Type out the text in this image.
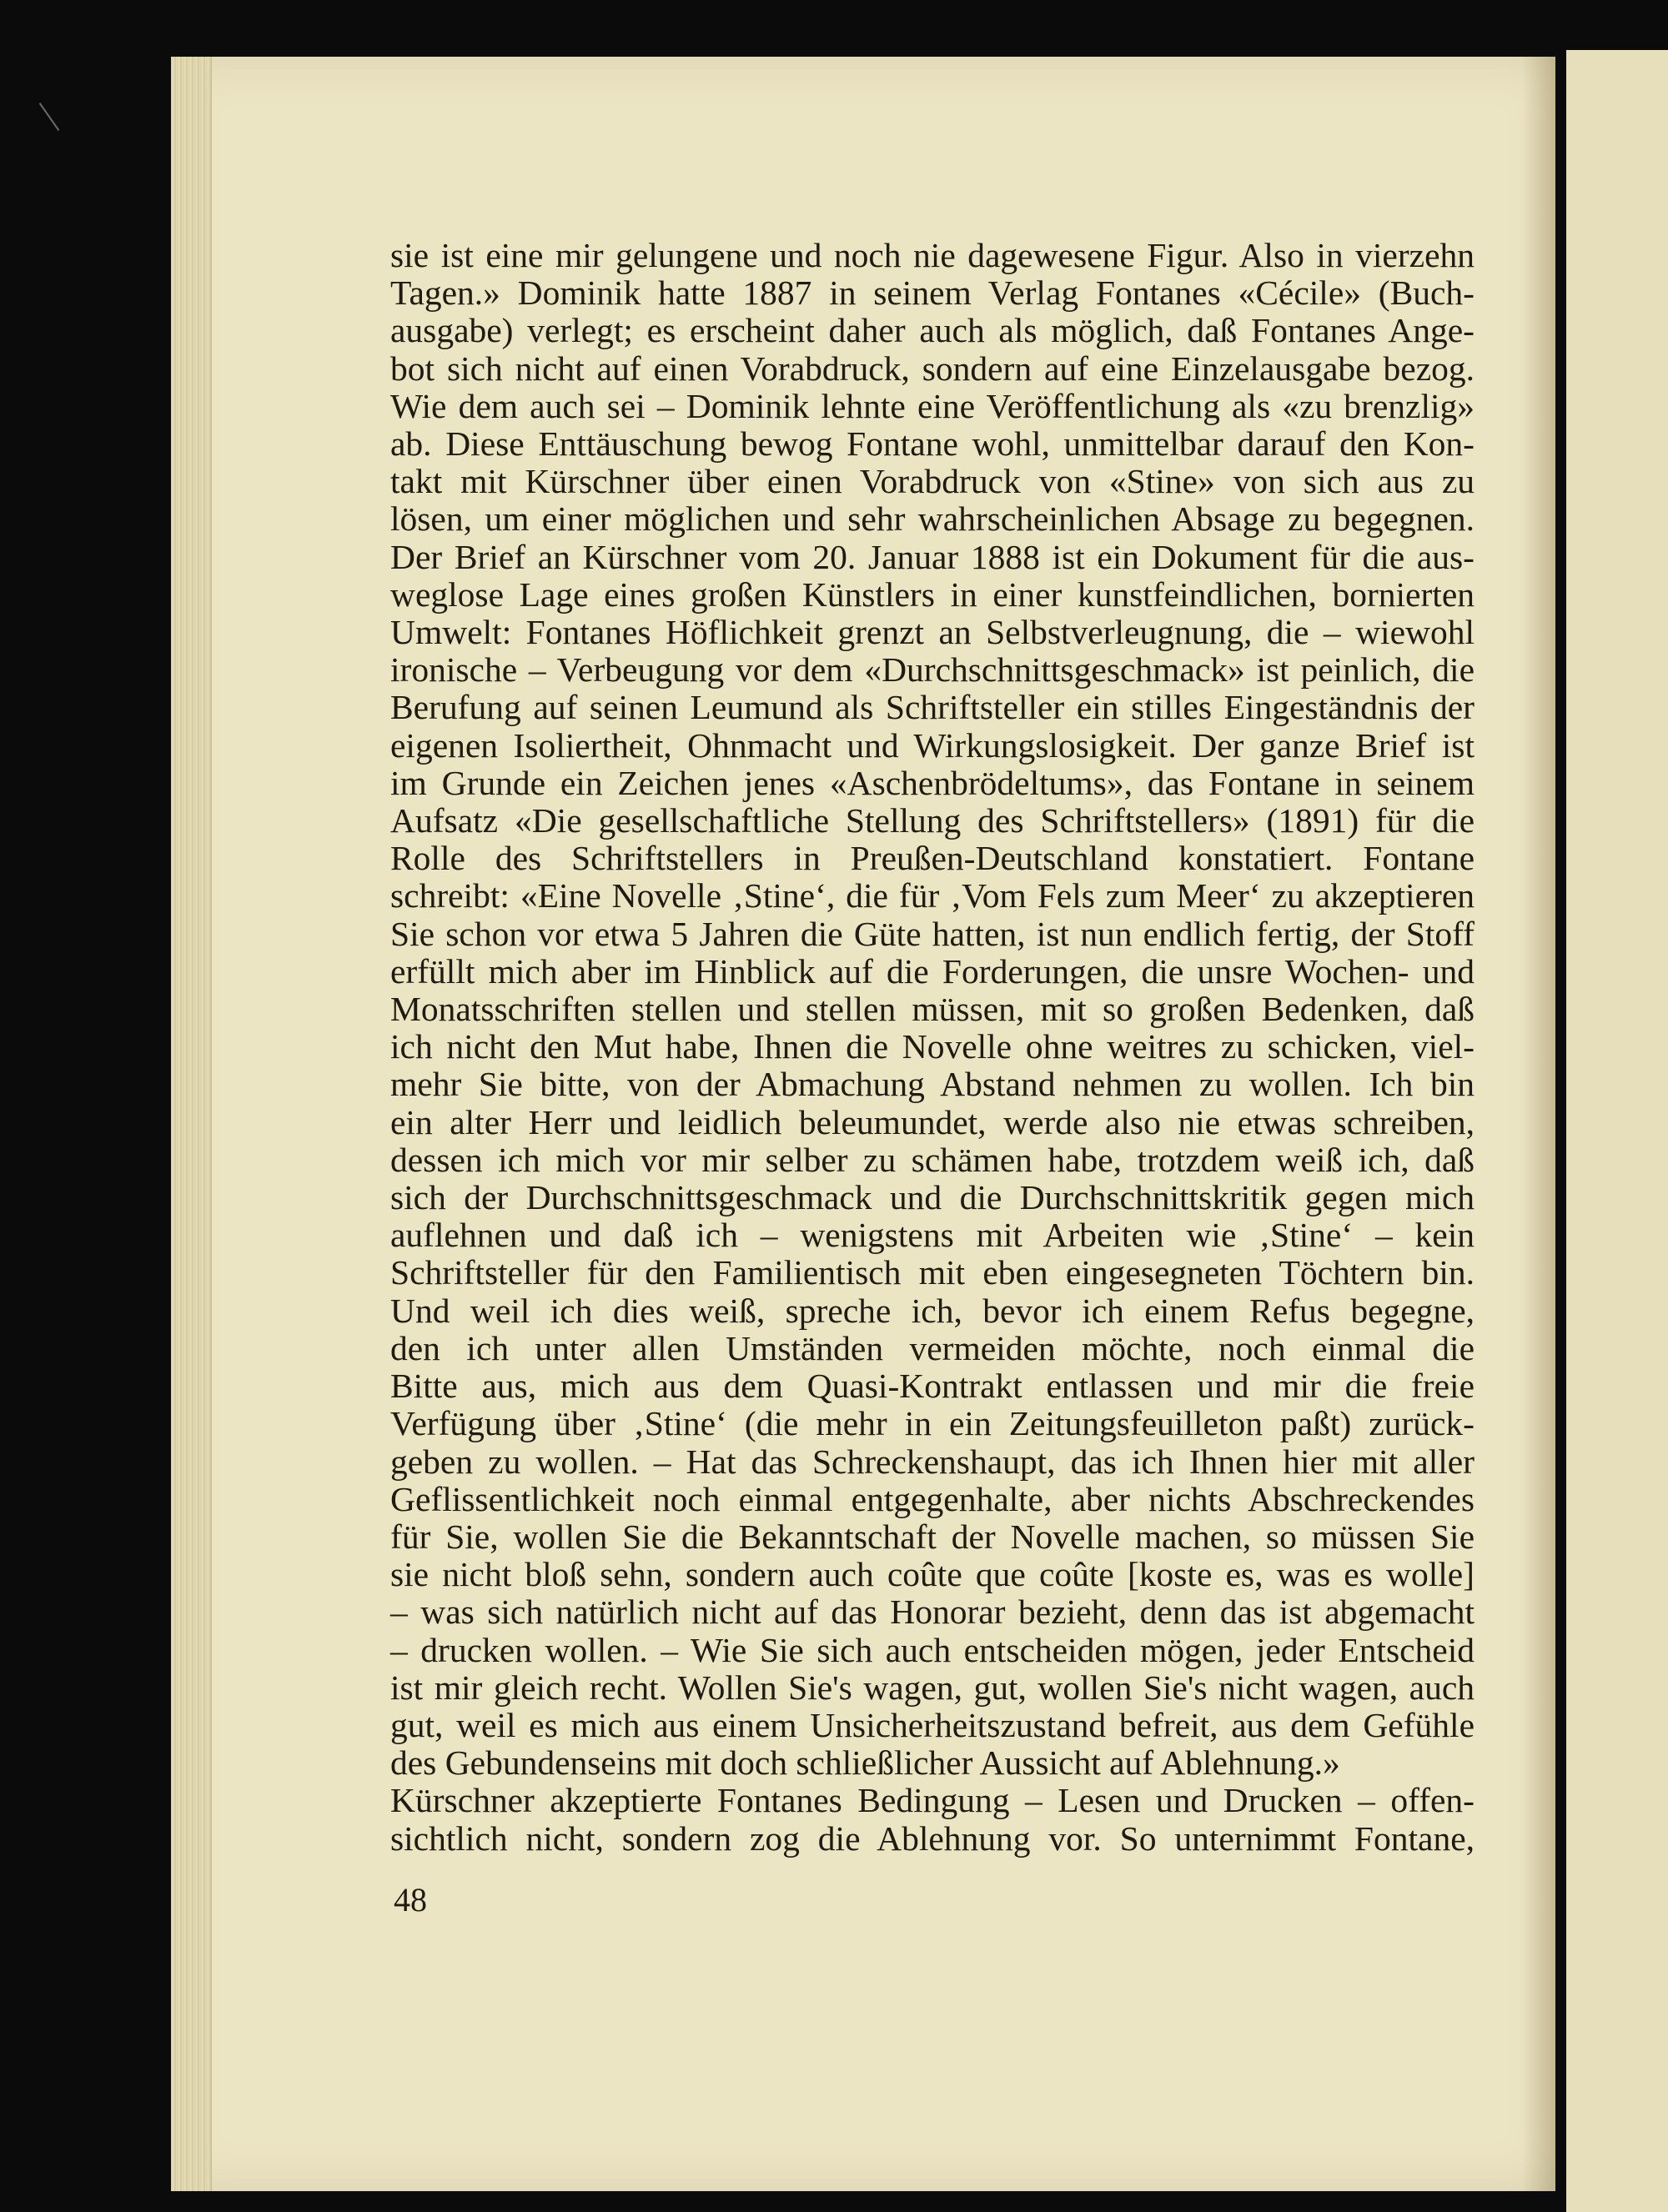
sie ist eine mir gelungene und noch nie dagewesene Figur. Also in vierzehn
Tagen.» Dominik hatte 1887 in seinem Verlag Fontanes «Cécile» (Buch-
ausgabe) verlegt; es erscheint daher auch als möglich, daß Fontanes Ange-
bot sich nicht auf einen Vorabdruck, sondern auf eine Einzelausgabe bezog.
Wie dem auch sei – Dominik lehnte eine Veröffentlichung als «zu brenzlig»
ab. Diese Enttäuschung bewog Fontane wohl, unmittelbar darauf den Kon-
takt mit Kürschner über einen Vorabdruck von «Stine» von sich aus zu
lösen, um einer möglichen und sehr wahrscheinlichen Absage zu begegnen.
Der Brief an Kürschner vom 20. Januar 1888 ist ein Dokument für die aus-
weglose Lage eines großen Künstlers in einer kunstfeindlichen, bornierten
Umwelt: Fontanes Höflichkeit grenzt an Selbstverleugnung, die – wiewohl
ironische – Verbeugung vor dem «Durchschnittsgeschmack» ist peinlich, die
Berufung auf seinen Leumund als Schriftsteller ein stilles Eingeständnis der
eigenen Isoliertheit, Ohnmacht und Wirkungslosigkeit. Der ganze Brief ist
im Grunde ein Zeichen jenes «Aschenbrödeltums», das Fontane in seinem
Aufsatz «Die gesellschaftliche Stellung des Schriftstellers» (1891) für die
Rolle des Schriftstellers in Preußen-Deutschland konstatiert. Fontane
schreibt: «Eine Novelle ‚Stine‘, die für ‚Vom Fels zum Meer‘ zu akzeptieren
Sie schon vor etwa 5 Jahren die Güte hatten, ist nun endlich fertig, der Stoff
erfüllt mich aber im Hinblick auf die Forderungen, die unsre Wochen- und
Monatsschriften stellen und stellen müssen, mit so großen Bedenken, daß
ich nicht den Mut habe, Ihnen die Novelle ohne weitres zu schicken, viel-
mehr Sie bitte, von der Abmachung Abstand nehmen zu wollen. Ich bin
ein alter Herr und leidlich beleumundet, werde also nie etwas schreiben,
dessen ich mich vor mir selber zu schämen habe, trotzdem weiß ich, daß
sich der Durchschnittsgeschmack und die Durchschnittskritik gegen mich
auflehnen und daß ich – wenigstens mit Arbeiten wie ‚Stine‘ – kein
Schriftsteller für den Familientisch mit eben eingesegneten Töchtern bin.
Und weil ich dies weiß, spreche ich, bevor ich einem Refus begegne,
den ich unter allen Umständen vermeiden möchte, noch einmal die
Bitte aus, mich aus dem Quasi-Kontrakt entlassen und mir die freie
Verfügung über ‚Stine‘ (die mehr in ein Zeitungsfeuilleton paßt) zurück-
geben zu wollen. – Hat das Schreckenshaupt, das ich Ihnen hier mit aller
Geflissentlichkeit noch einmal entgegenhalte, aber nichts Abschreckendes
für Sie, wollen Sie die Bekanntschaft der Novelle machen, so müssen Sie
sie nicht bloß sehn, sondern auch coûte que coûte [koste es, was es wolle]
– was sich natürlich nicht auf das Honorar bezieht, denn das ist abgemacht
– drucken wollen. – Wie Sie sich auch entscheiden mögen, jeder Entscheid
ist mir gleich recht. Wollen Sie's wagen, gut, wollen Sie's nicht wagen, auch
gut, weil es mich aus einem Unsicherheitszustand befreit, aus dem Gefühle
des Gebundenseins mit doch schließlicher Aussicht auf Ablehnung.»
Kürschner akzeptierte Fontanes Bedingung – Lesen und Drucken – offen-
sichtlich nicht, sondern zog die Ablehnung vor. So unternimmt Fontane,
48
